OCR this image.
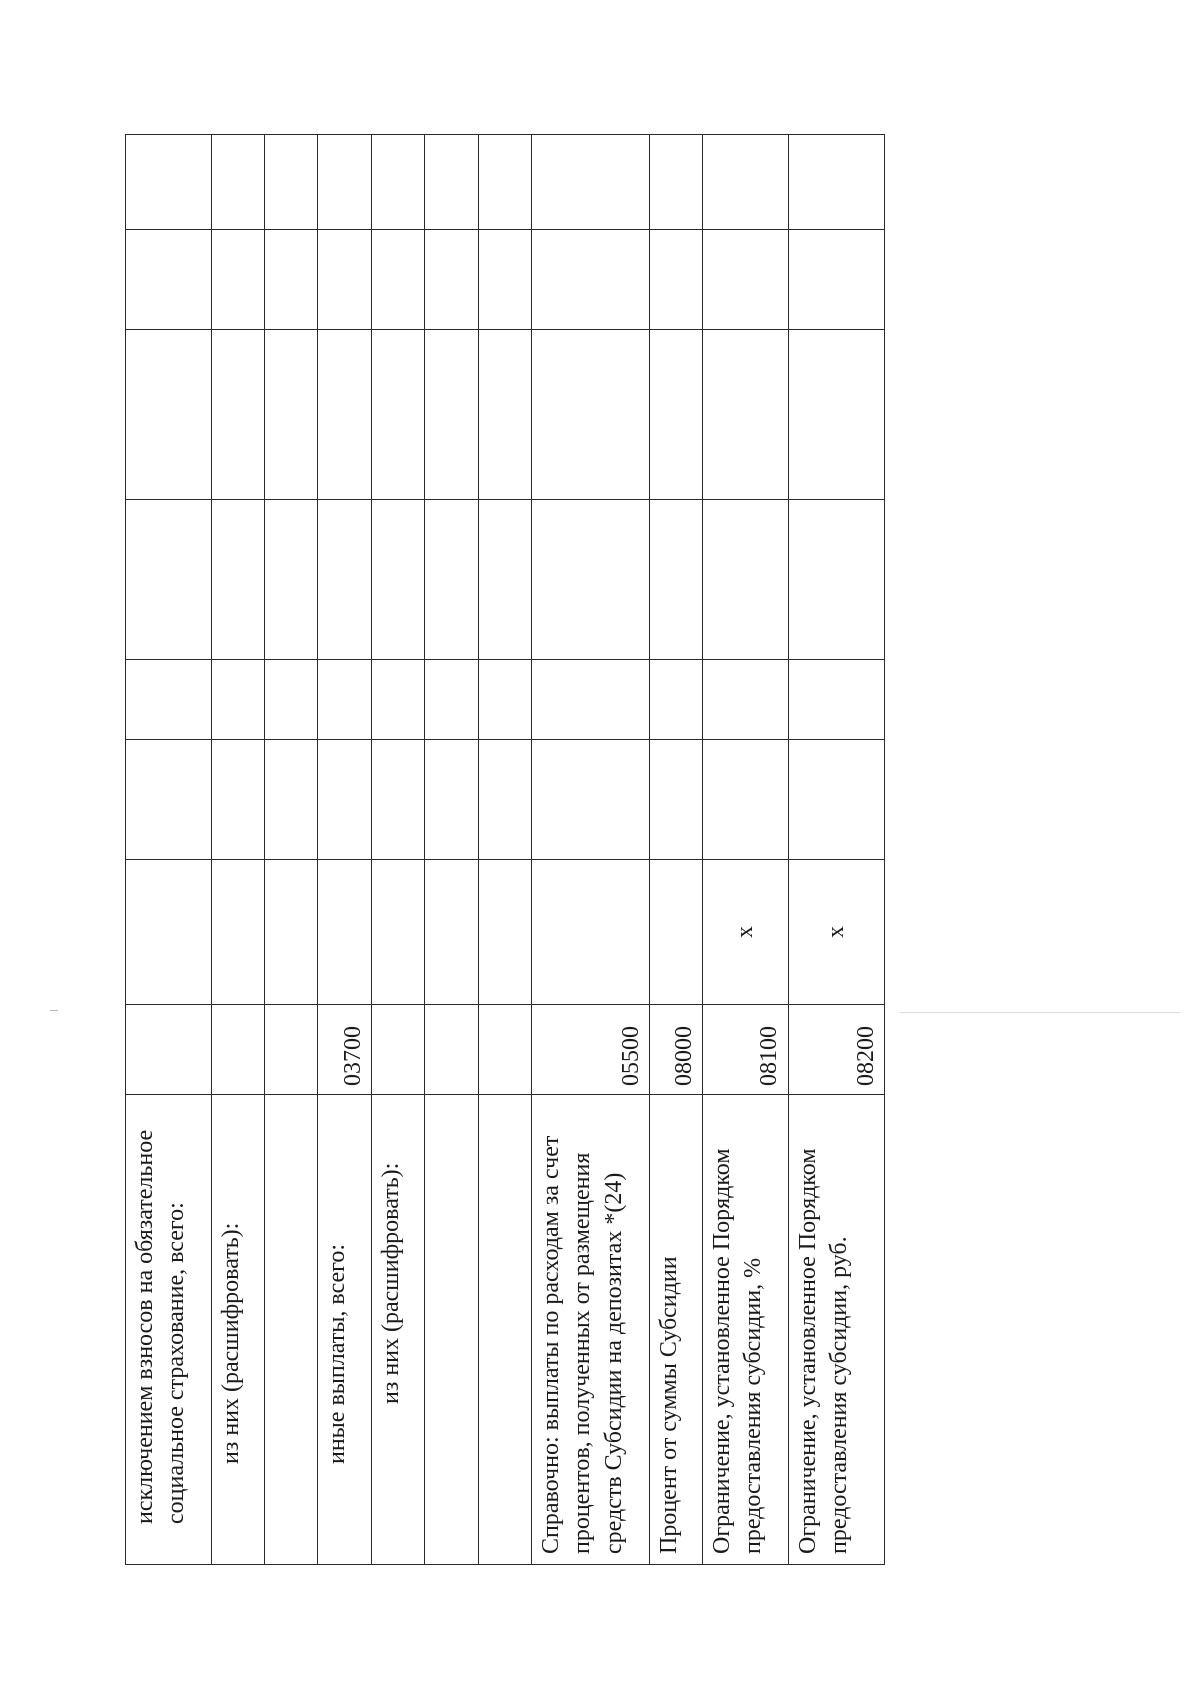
исключением взносов на обязательное социальное страхование, всего:								
из них (расшифровать):								

иные выплаты, всего:	03700							
из них (расшифровать):								

Справочно: выплаты по расходам за счет процентов, полученных от размещения средств Субсидии на депозитах *(24)	05500							
Процент от суммы Субсидии	08000							
Ограничение, установленное Порядком предоставления субсидии, %	08100	x						
Ограничение, установленное Порядком предоставления субсидии, руб.	08200	x						
